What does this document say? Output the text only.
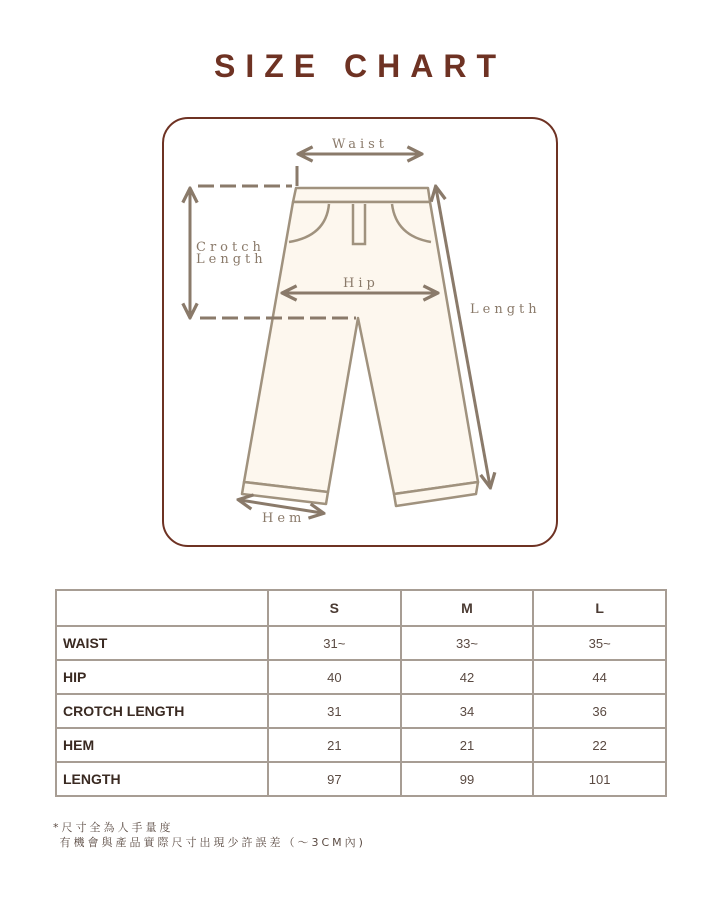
SIZE CHART
Waist
Crotch
Length
Hip
Length
Hem
	S	M	L
WAIST	31~	33~	35~
HIP	40	42	44
CROTCH LENGTH	31	34	36
HEM	21	21	22
LENGTH	97	99	101
*尺寸全為人手量度
有機會與產品實際尺寸出現少許誤差（～3CM內)
